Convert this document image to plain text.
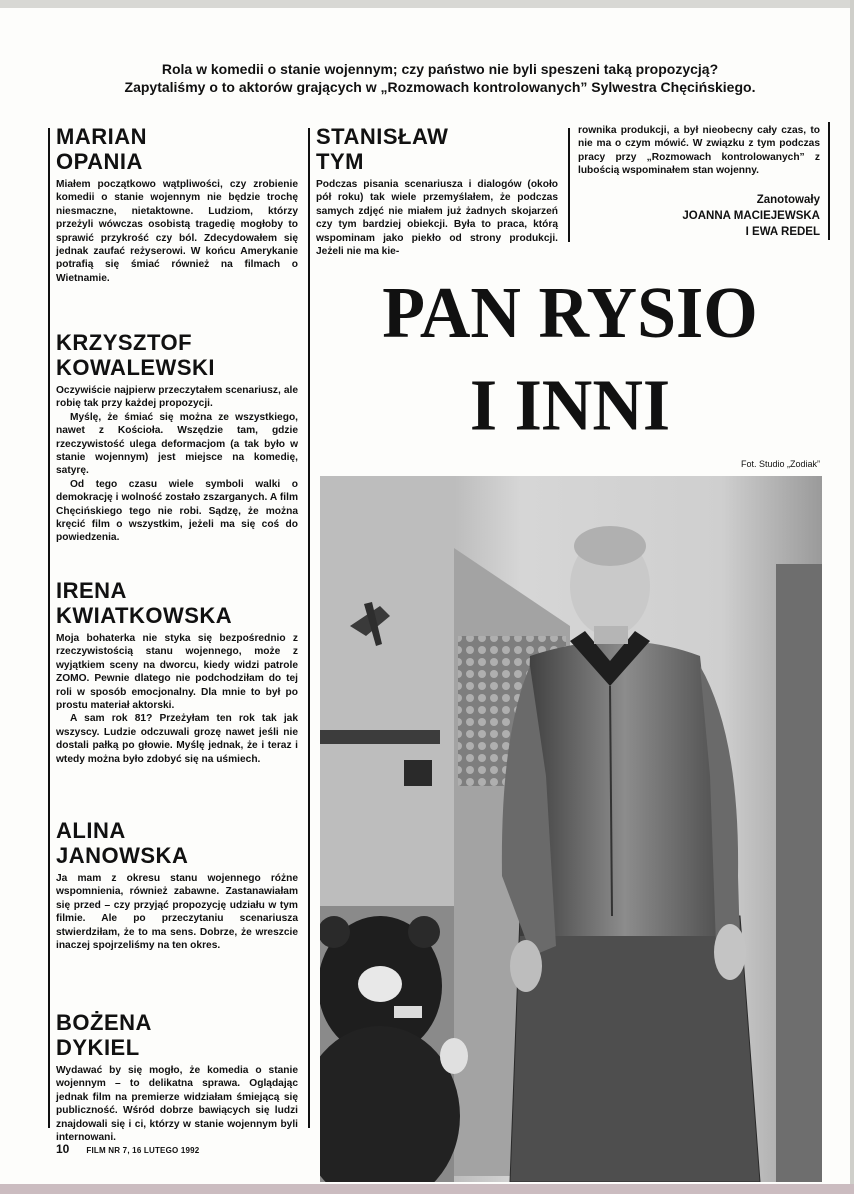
Rola w komedii o stanie wojennym; czy państwo nie byli speszeni taką propozycją?

Zapytaliśmy o to aktorów grających w „Rozmowach kontrolowanych” Sylwestra Chęcińskiego.

MARIAN
OPANIA

Miałem początkowo wątpliwości, czy zrobienie komedii o stanie wojennym nie będzie trochę niesmaczne, nietaktowne. Ludziom, którzy przeżyli wówczas osobistą tragedię mogłoby to sprawić przykrość czy ból. Zdecydowałem się jednak zaufać reżyserowi. W końcu Amerykanie potrafią się śmiać również na filmach o Wietnamie.

KRZYSZTOF
KOWALEWSKI

Oczywiście najpierw przeczytałem scenariusz, ale robię tak przy każdej propozycji.

Myślę, że śmiać się można ze wszystkiego, nawet z Kościoła. Wszędzie tam, gdzie rzeczywistość ulega deformacjom (a tak było w stanie wojennym) jest miejsce na komedię, satyrę.

Od tego czasu wiele symboli walki o demokrację i wolność zostało zszarganych. A film Chęcińskiego tego nie robi. Sądzę, że można kręcić film o wszystkim, jeżeli ma się coś do powiedzenia.

IRENA
KWIATKOWSKA

Moja bohaterka nie styka się bezpośrednio z rzeczywistością stanu wojennego, może z wyjątkiem sceny na dworcu, kiedy widzi patrole ZOMO. Pewnie dlatego nie podchodziłam do tej roli w sposób emocjonalny. Dla mnie to był po prostu materiał aktorski.

A sam rok 81? Przeżyłam ten rok tak jak wszyscy. Ludzie odczuwali grozę nawet jeśli nie dostali pałką po głowie. Myślę jednak, że i teraz i wtedy można było zdobyć się na uśmiech.

ALINA
JANOWSKA

Ja mam z okresu stanu wojennego różne wspomnienia, również zabawne. Zastanawiałam się przed – czy przyjąć propozycję udziału w tym filmie. Ale po przeczytaniu scenariusza stwierdziłam, że to ma sens. Dobrze, że wreszcie inaczej spojrzeliśmy na ten okres.

BOŻENA
DYKIEL

Wydawać by się mogło, że komedia o stanie wojennym – to delikatna sprawa. Oglądając jednak film na premierze widziałam śmiejącą się publiczność. Wśród dobrze bawiących się ludzi znajdowali się i ci, którzy w stanie wojennym byli internowani.

STANISŁAW
TYM

Podczas pisania scenariusza i dialogów (około pół roku) tak wiele przemyślałem, że podczas samych zdjęć nie miałem już żadnych skojarzeń czy tym bardziej obiekcji. Była to praca, którą wspominam jako piekło od strony produkcji. Jeżeli nie ma kie-

rownika produkcji, a był nieobecny cały czas, to nie ma o czym mówić. W związku z tym podczas pracy przy „Rozmowach kontrolowanych” z lubością wspominałem stan wojenny.

Zanotowały

JOANNA MACIEJEWSKA

I EWA REDEL

PAN RYSIO

I INNI

Fot. Studio „Zodiak”
10 FILM NR 7, 16 LUTEGO 1992
